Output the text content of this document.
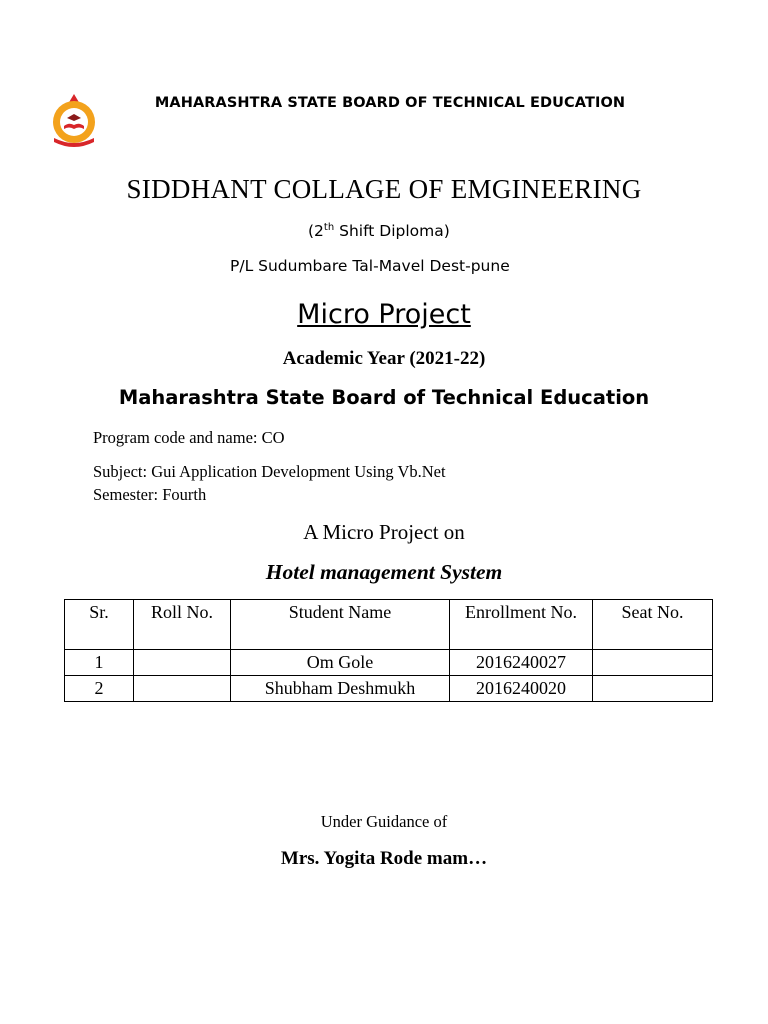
MAHARASHTRA STATE BOARD OF TECHNICAL EDUCATION
SIDDHANT COLLAGE OF EMGINEERING
(2th Shift Diploma)
P/L Sudumbare Tal-Mavel Dest-pune
Micro Project
Academic Year (2021-22)
Maharashtra State Board of Technical Education
Program code and name: CO
Subject: Gui Application Development Using Vb.Net
Semester: Fourth
A Micro Project on
Hotel management System
Sr.	Roll No.	Student Name	Enrollment No.	Seat No.
1		Om Gole	2016240027	
2		Shubham Deshmukh	2016240020	
Under Guidance of
Mrs. Yogita Rode mam…
